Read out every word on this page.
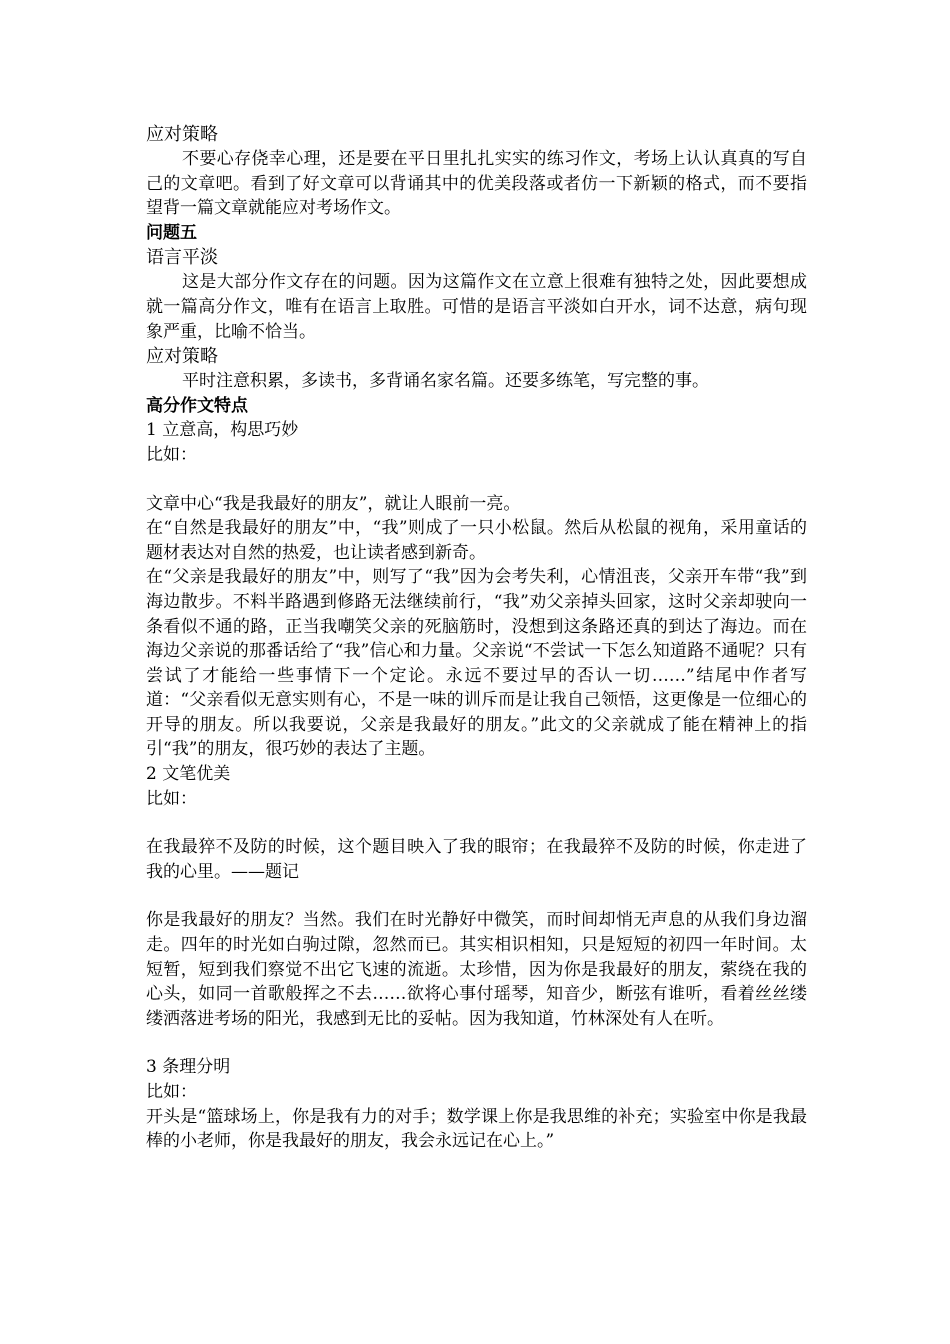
应对策略

不要心存侥幸心理，还是要在平日里扎扎实实的练习作文，考场上认认真真的写自己的文章吧。看到了好文章可以背诵其中的优美段落或者仿一下新颖的格式，而不要指望背一篇文章就能应对考场作文。

问题五

语言平淡

这是大部分作文存在的问题。因为这篇作文在立意上很难有独特之处，因此要想成就一篇高分作文，唯有在语言上取胜。可惜的是语言平淡如白开水，词不达意，病句现象严重，比喻不恰当。

应对策略

平时注意积累，多读书，多背诵名家名篇。还要多练笔，写完整的事。

高分作文特点

1 立意高，构思巧妙

比如：

文章中心“我是我最好的朋友”，就让人眼前一亮。

在“自然是我最好的朋友”中，“我”则成了一只小松鼠。然后从松鼠的视角，采用童话的题材表达对自然的热爱，也让读者感到新奇。

在“父亲是我最好的朋友”中，则写了“我”因为会考失利，心情沮丧，父亲开车带“我”到海边散步。不料半路遇到修路无法继续前行，“我”劝父亲掉头回家，这时父亲却驶向一条看似不通的路，正当我嘲笑父亲的死脑筋时，没想到这条路还真的到达了海边。而在海边父亲说的那番话给了“我”信心和力量。父亲说“不尝试一下怎么知道路不通呢？只有尝试了才能给一些事情下一个定论。永远不要过早的否认一切……”结尾中作者写道：“父亲看似无意实则有心，不是一味的训斥而是让我自己领悟，这更像是一位细心的开导的朋友。所以我要说，父亲是我最好的朋友。”此文的父亲就成了能在精神上的指引“我”的朋友，很巧妙的表达了主题。

2 文笔优美

比如：

在我最猝不及防的时候，这个题目映入了我的眼帘；在我最猝不及防的时候，你走进了我的心里。——题记

你是我最好的朋友？当然。我们在时光静好中微笑，而时间却悄无声息的从我们身边溜走。四年的时光如白驹过隙，忽然而已。其实相识相知，只是短短的初四一年时间。太短暂，短到我们察觉不出它飞速的流逝。太珍惜，因为你是我最好的朋友，萦绕在我的心头，如同一首歌般挥之不去……欲将心事付瑶琴，知音少，断弦有谁听，看着丝丝缕缕洒落进考场的阳光，我感到无比的妥帖。因为我知道，竹林深处有人在听。

3 条理分明

比如：

开头是“篮球场上，你是我有力的对手；数学课上你是我思维的补充；实验室中你是我最棒的小老师，你是我最好的朋友，我会永远记在心上。”
